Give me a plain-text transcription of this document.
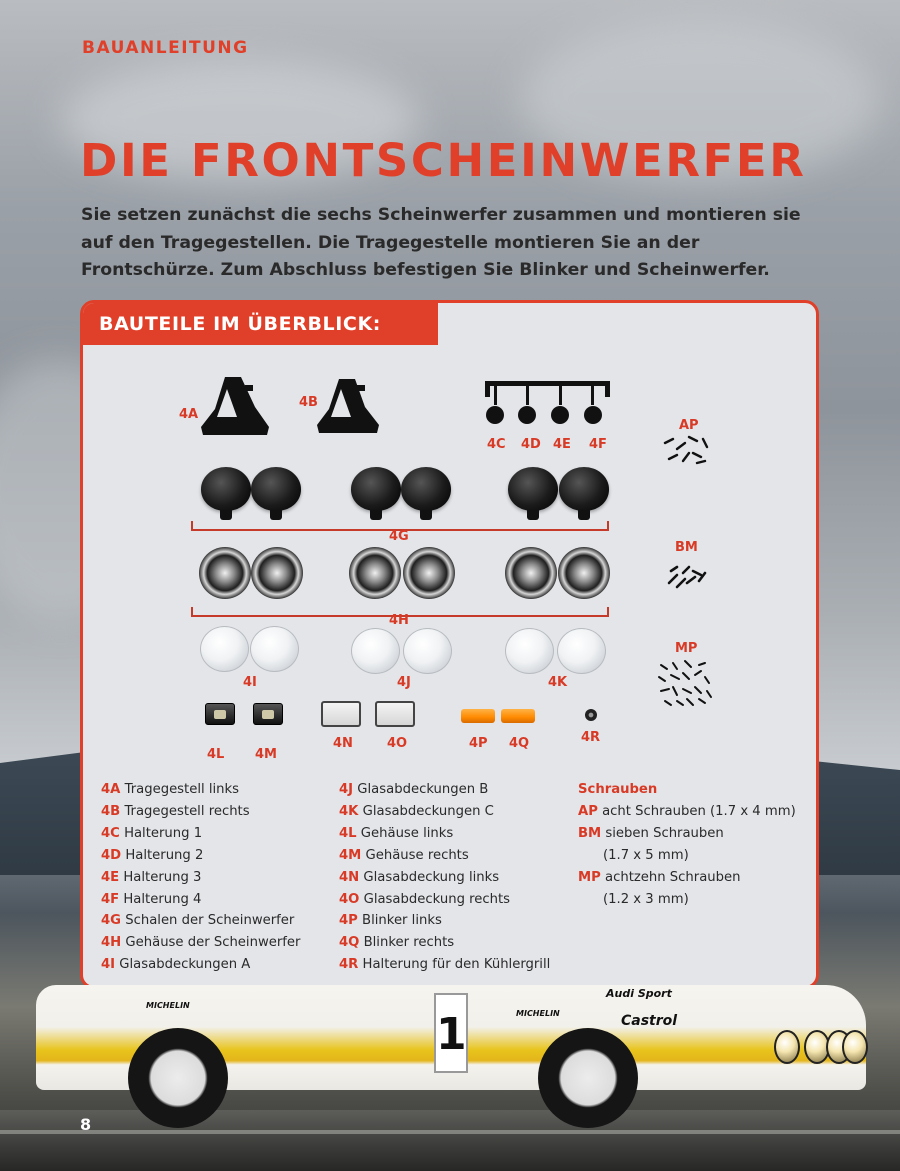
BAUANLEITUNG
DIE FRONTSCHEINWERFER
Sie setzen zunächst die sechs Scheinwerfer zusammen und montieren sie auf den Tragegestellen. Die Tragegestelle montieren Sie an der Frontschürze. Zum Abschluss befestigen Sie Blinker und Scheinwerfer.
BAUTEILE IM ÜBERBLICK:
4A
4B
4C 4D 4E 4F
AP
4G
BM
4H
4I	4J	4K
MP
4L 4M
4N	4O	4P 4Q	4R
4A Tragegestell links
4B Tragegestell rechts
4C Halterung 1
4D Halterung 2
4E Halterung 3
4F Halterung 4
4G Schalen der Scheinwerfer
4H Gehäuse der Scheinwerfer
4I Glasabdeckungen A
4J Glasabdeckungen B
4K Glasabdeckungen C
4L Gehäuse links
4M Gehäuse rechts
4N Glasabdeckung links
4O Glasabdeckung rechts
4P Blinker links
4Q Blinker rechts
4R Halterung für den Kühlergrill
Schrauben
AP acht Schrauben (1.7 x 4 mm)
BM sieben Schrauben
(1.7 x 5 mm)
MP achtzehn Schrauben
(1.2 x 3 mm)
1
Audi Sport
Castrol
MICHELIN
MICHELIN
8
